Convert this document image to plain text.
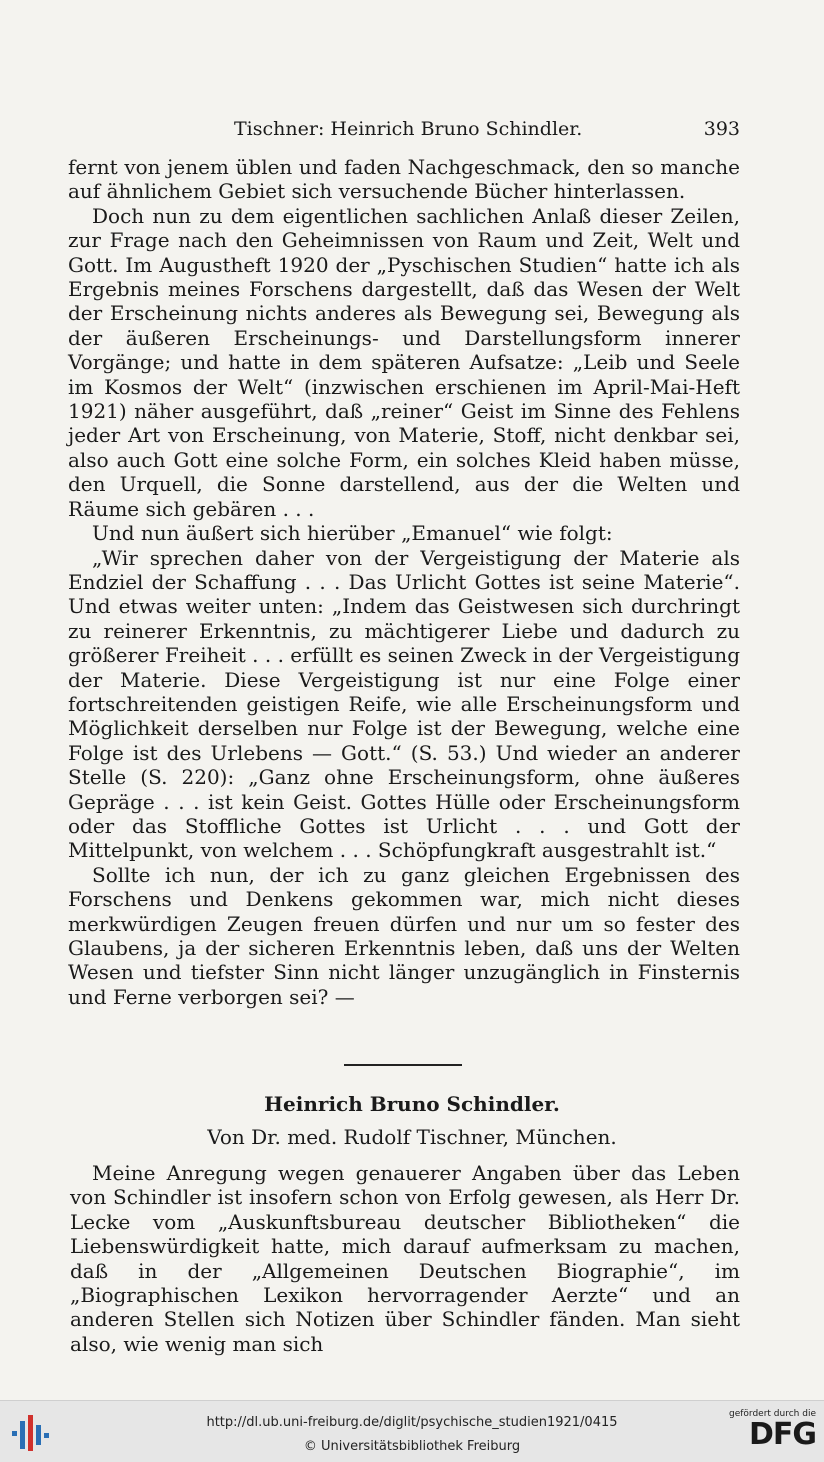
Tischner: Heinrich Bruno Schindler.	393

fernt von jenem üblen und faden Nachgeschmack, den so manche auf ähnlichem Gebiet sich versuchende Bücher hinterlassen.

Doch nun zu dem eigentlichen sachlichen Anlaß dieser Zeilen, zur Frage nach den Geheimnissen von Raum und Zeit, Welt und Gott. Im Augustheft 1920 der „Pyschischen Studien“ hatte ich als Ergebnis meines Forschens dargestellt, daß das Wesen der Welt der Erscheinung nichts anderes als Bewegung sei, Bewegung als der äußeren Erscheinungs- und Darstellungsform innerer Vorgänge; und hatte in dem späteren Aufsatze: „Leib und Seele im Kosmos der Welt“ (inzwischen erschienen im April-Mai-Heft 1921) näher ausgeführt, daß „reiner“ Geist im Sinne des Fehlens jeder Art von Erscheinung, von Materie, Stoff, nicht denkbar sei, also auch Gott eine solche Form, ein solches Kleid haben müsse, den Urquell, die Sonne darstellend, aus der die Welten und Räume sich gebären . . .

Und nun äußert sich hierüber „Emanuel“ wie folgt:

„Wir sprechen daher von der Vergeistigung der Materie als Endziel der Schaffung . . . Das Urlicht Gottes ist seine Materie“. Und etwas weiter unten: „Indem das Geistwesen sich durchringt zu reinerer Erkenntnis, zu mächtigerer Liebe und dadurch zu größerer Freiheit . . . erfüllt es seinen Zweck in der Vergeistigung der Materie. Diese Vergeistigung ist nur eine Folge einer fortschreitenden geistigen Reife, wie alle Erscheinungsform und Möglichkeit derselben nur Folge ist der Bewegung, welche eine Folge ist des Urlebens — Gott.“ (S. 53.) Und wieder an anderer Stelle (S. 220): „Ganz ohne Erscheinungsform, ohne äußeres Gepräge . . . ist kein Geist. Gottes Hülle oder Erscheinungsform oder das Stoffliche Gottes ist Urlicht . . . und Gott der Mittelpunkt, von welchem . . . Schöpfungkraft ausgestrahlt ist.“

Sollte ich nun, der ich zu ganz gleichen Ergebnissen des Forschens und Denkens gekommen war, mich nicht dieses merkwürdigen Zeugen freuen dürfen und nur um so fester des Glaubens, ja der sicheren Erkenntnis leben, daß uns der Welten Wesen und tiefster Sinn nicht länger unzugänglich in Finsternis und Ferne verborgen sei? —

Heinrich Bruno Schindler.
Von Dr. med. Rudolf Tischner, München.

Meine Anregung wegen genauerer Angaben über das Leben von Schindler ist insofern schon von Erfolg gewesen, als Herr Dr. Lecke vom „Auskunftsbureau deutscher Bibliotheken“ die Liebenswürdigkeit hatte, mich darauf aufmerksam zu machen, daß in der „Allgemeinen Deutschen Biographie“, im „Biographischen Lexikon hervorragender Aerzte“ und an anderen Stellen sich Notizen über Schindler fänden. Man sieht also, wie wenig man sich

http://dl.ub.uni-freiburg.de/diglit/psychische_studien1921/0415
© Universitätsbibliothek Freiburg
gefördert durch die
DFG
